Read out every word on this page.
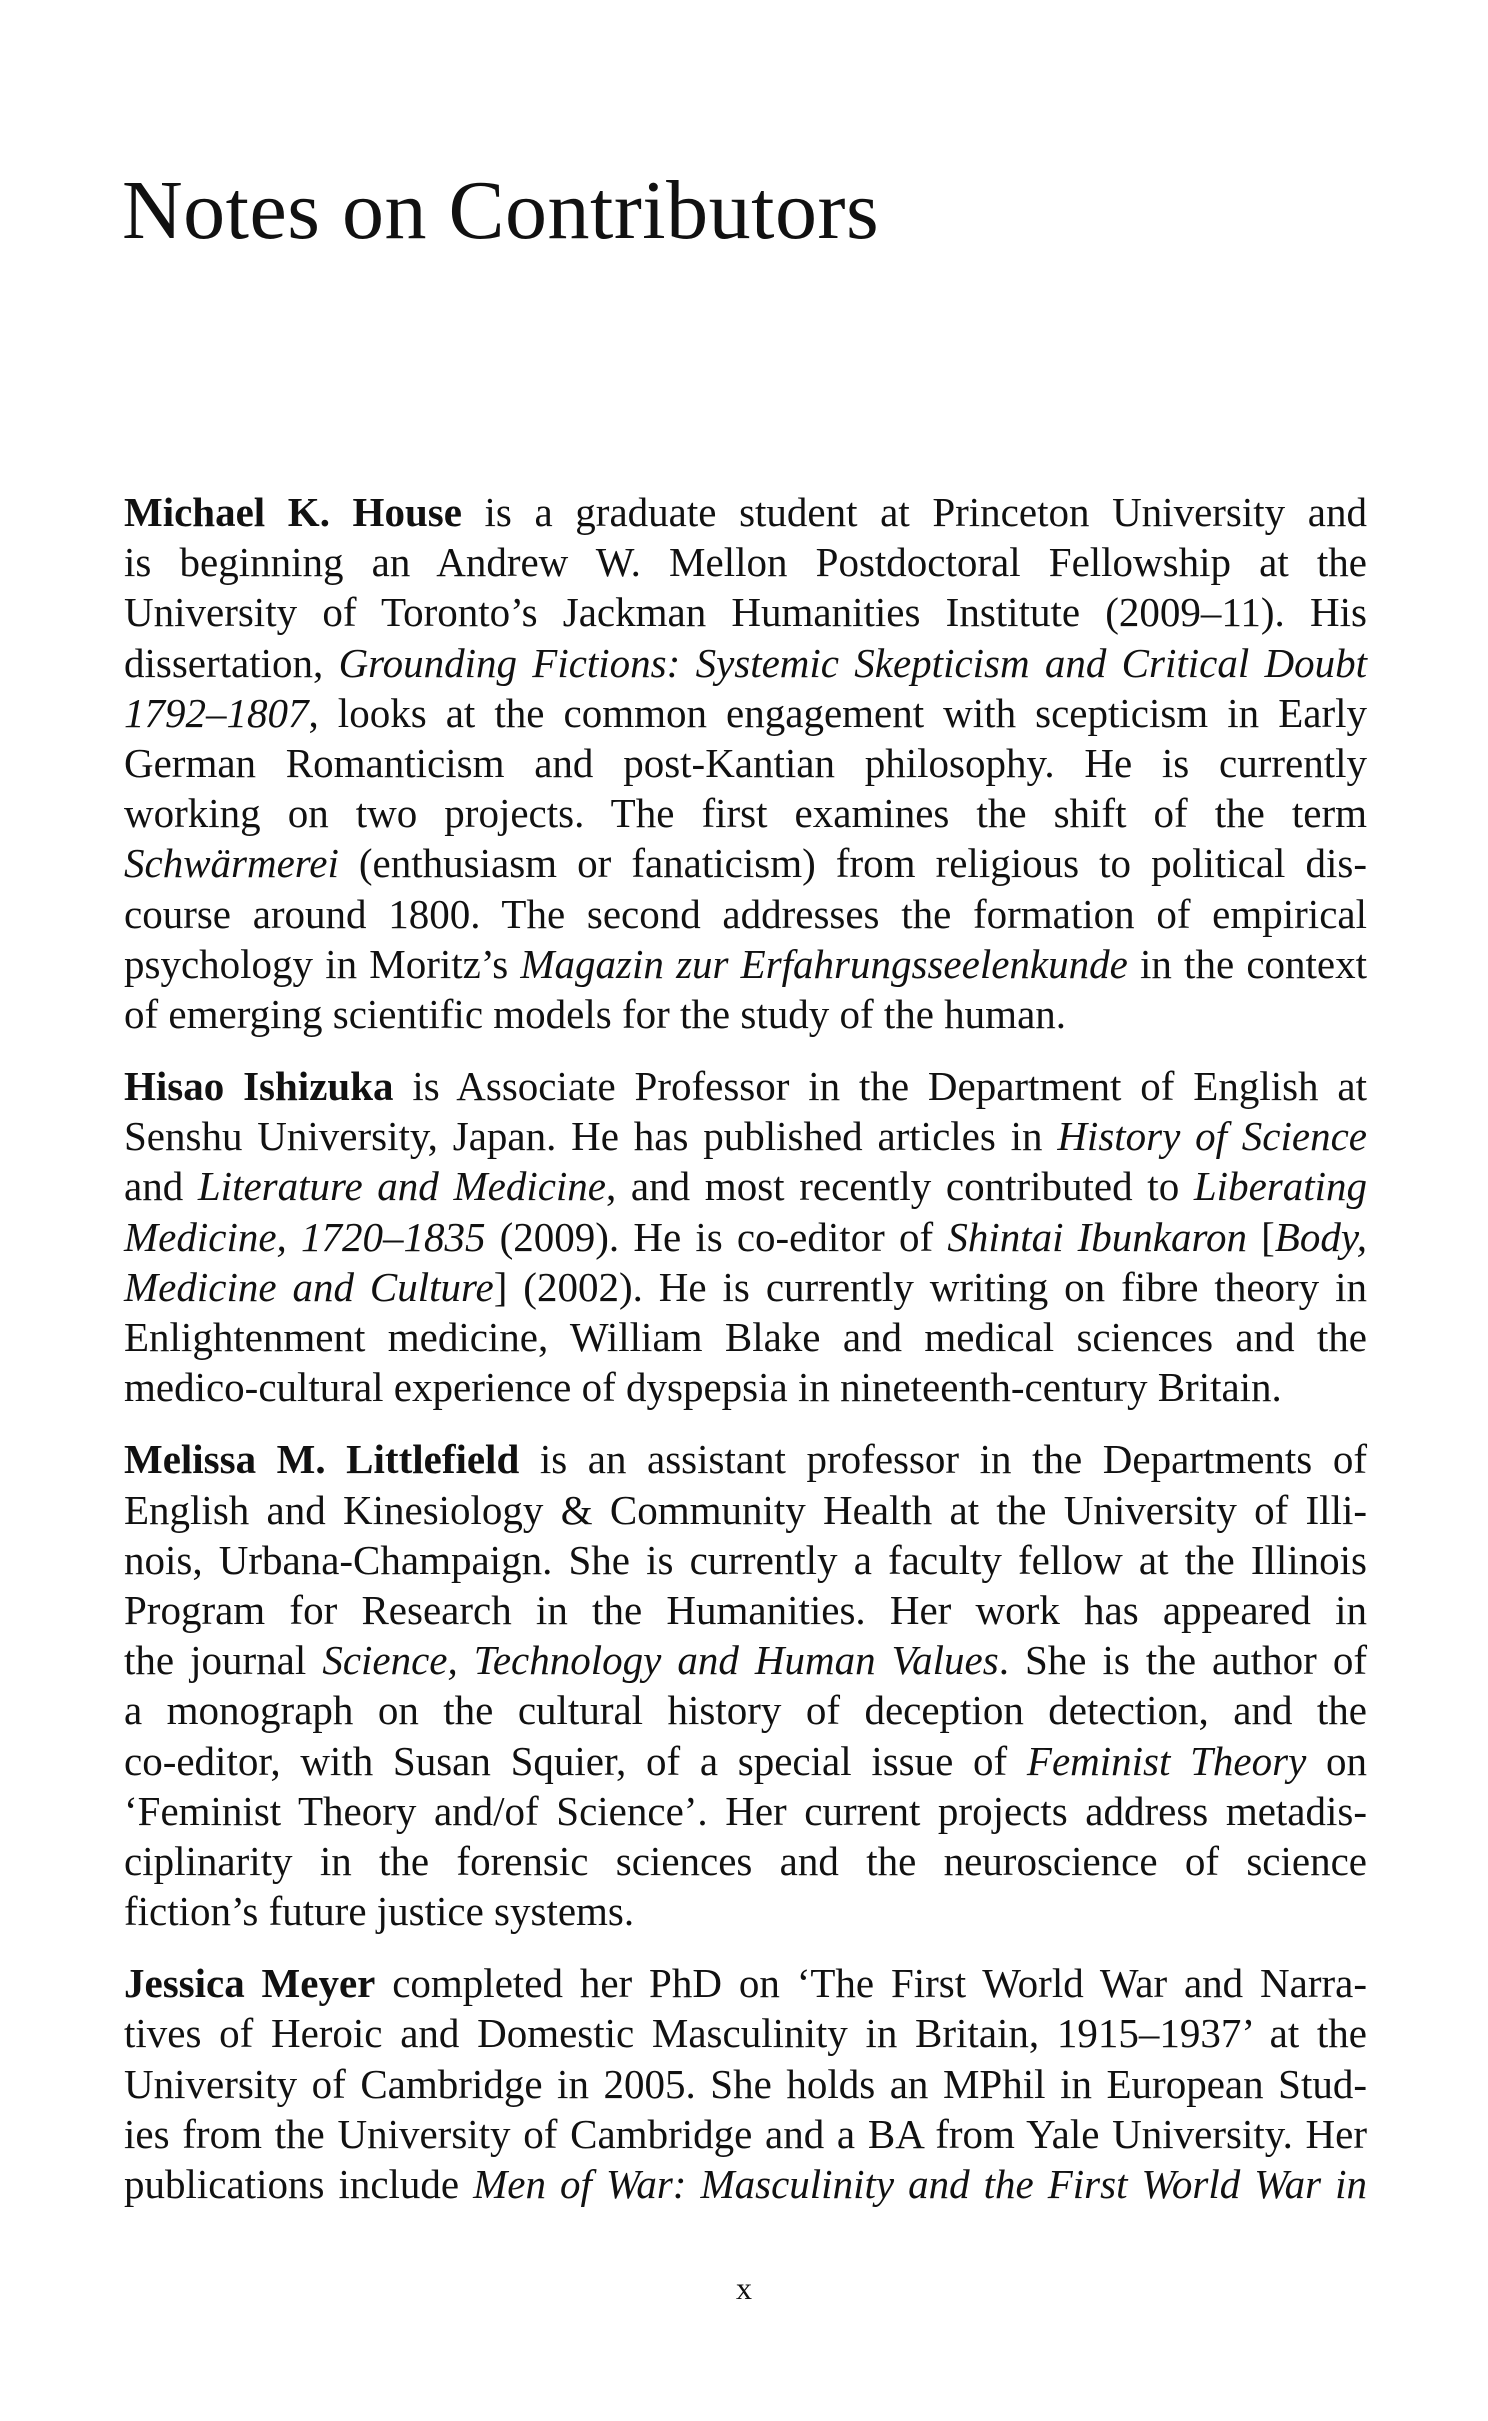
Notes on Contributors

Michael K. House is a graduate student at Princeton University and
is beginning an Andrew W. Mellon Postdoctoral Fellowship at the
University of Toronto’s Jackman Humanities Institute (2009–11). His
dissertation, Grounding Fictions: Systemic Skepticism and Critical Doubt
1792–1807, looks at the common engagement with scepticism in Early
German Romanticism and post-Kantian philosophy. He is currently
working on two projects. The first examines the shift of the term
Schwärmerei (enthusiasm or fanaticism) from religious to political dis-
course around 1800. The second addresses the formation of empirical
psychology in Moritz’s Magazin zur Erfahrungsseelenkunde in the context
of emerging scientific models for the study of the human.

Hisao Ishizuka is Associate Professor in the Department of English at
Senshu University, Japan. He has published articles in History of Science
and Literature and Medicine, and most recently contributed to Liberating
Medicine, 1720–1835 (2009). He is co-editor of Shintai Ibunkaron [Body,
Medicine and Culture] (2002). He is currently writing on fibre theory in
Enlightenment medicine, William Blake and medical sciences and the
medico-cultural experience of dyspepsia in nineteenth-century Britain.

Melissa M. Littlefield is an assistant professor in the Departments of
English and Kinesiology & Community Health at the University of Illi-
nois, Urbana-Champaign. She is currently a faculty fellow at the Illinois
Program for Research in the Humanities. Her work has appeared in
the journal Science, Technology and Human Values. She is the author of
a monograph on the cultural history of deception detection, and the
co-editor, with Susan Squier, of a special issue of Feminist Theory on
‘Feminist Theory and/of Science’. Her current projects address metadis-
ciplinarity in the forensic sciences and the neuroscience of science
fiction’s future justice systems.

Jessica Meyer completed her PhD on ‘The First World War and Narra-
tives of Heroic and Domestic Masculinity in Britain, 1915–1937’ at the
University of Cambridge in 2005. She holds an MPhil in European Stud-
ies from the University of Cambridge and a BA from Yale University. Her
publications include Men of War: Masculinity and the First World War in

x
